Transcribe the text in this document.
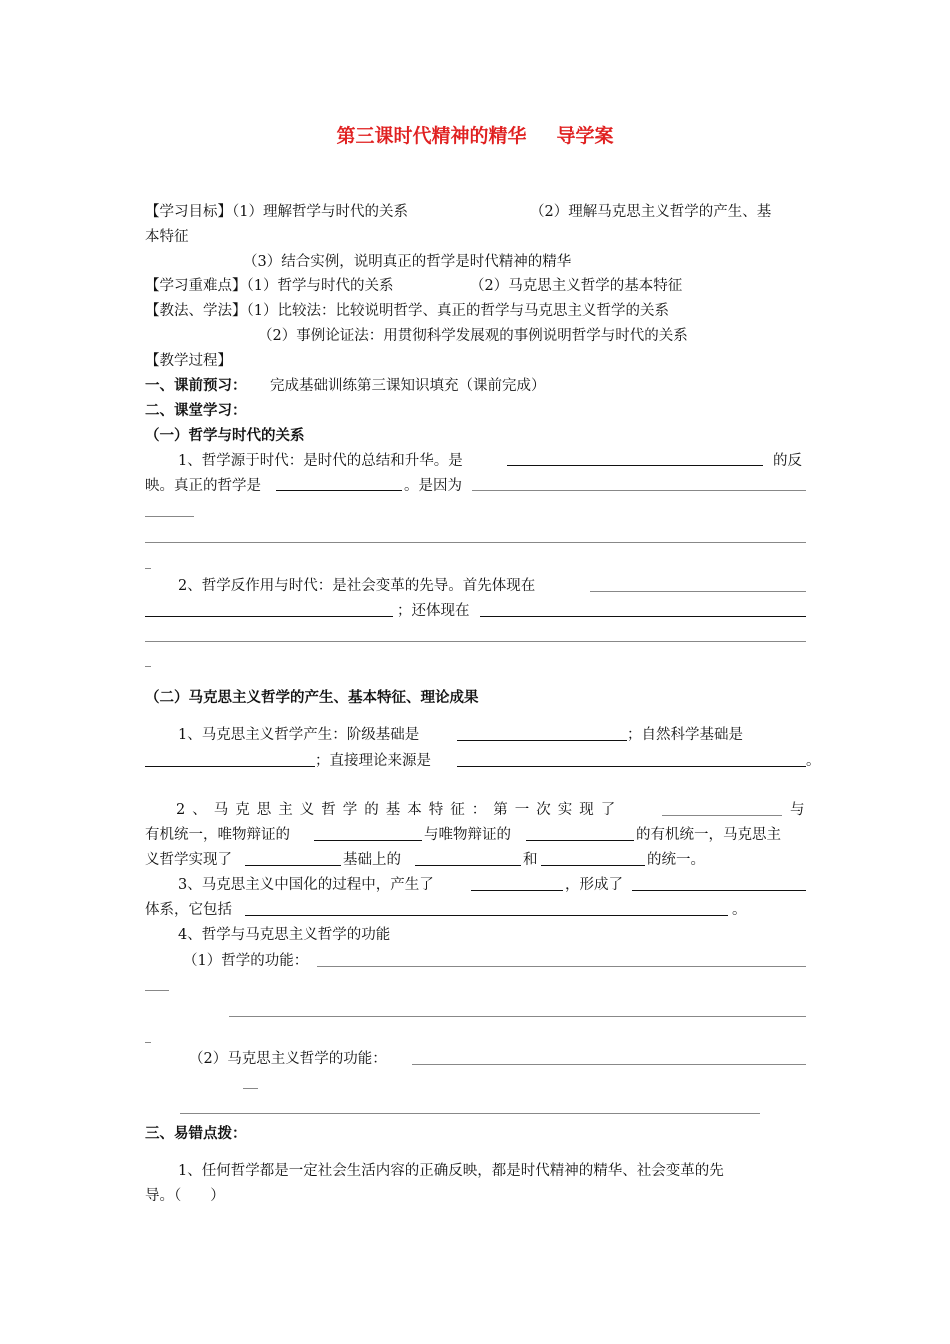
第三课时代精神的精华 导学案
【学习目标】（1）理解哲学与时代的关系	（2）理解马克思主义哲学的产生、基
本特征
（3）结合实例，说明真正的哲学是时代精神的精华
【学习重难点】（1）哲学与时代的关系	（2）马克思主义哲学的基本特征
【教法、学法】（1）比较法：比较说明哲学、真正的哲学与马克思主义哲学的关系
（2）事例论证法：用贯彻科学发展观的事例说明哲学与时代的关系
【教学过程】
一、课前预习： 完成基础训练第三课知识填充（课前完成）
二、课堂学习：
（一）哲学与时代的关系
1、哲学源于时代：是时代的总结和升华。是	的反
映。真正的哲学是	。是因为
2、哲学反作用与时代：是社会变革的先导。首先体现在
；还体现在
（二）马克思主义哲学的产生、基本特征、理论成果
1、马克思主义哲学产生：阶级基础是	；自然科学基础是
；直接理论来源是	。
2、马克思主义哲学的基本特征：第一次实现了	与
有机统一，唯物辩证的	与唯物辩证的	的有机统一，马克思主
义哲学实现了	基础上的	和	的统一。
3、马克思主义中国化的过程中，产生了	，形成了
体系，它包括	。
4、哲学与马克思主义哲学的功能
（1）哲学的功能：
（2）马克思主义哲学的功能：
三、易错点拨：
1、任何哲学都是一定社会生活内容的正确反映，都是时代精神的精华、社会变革的先
导。（　　）
